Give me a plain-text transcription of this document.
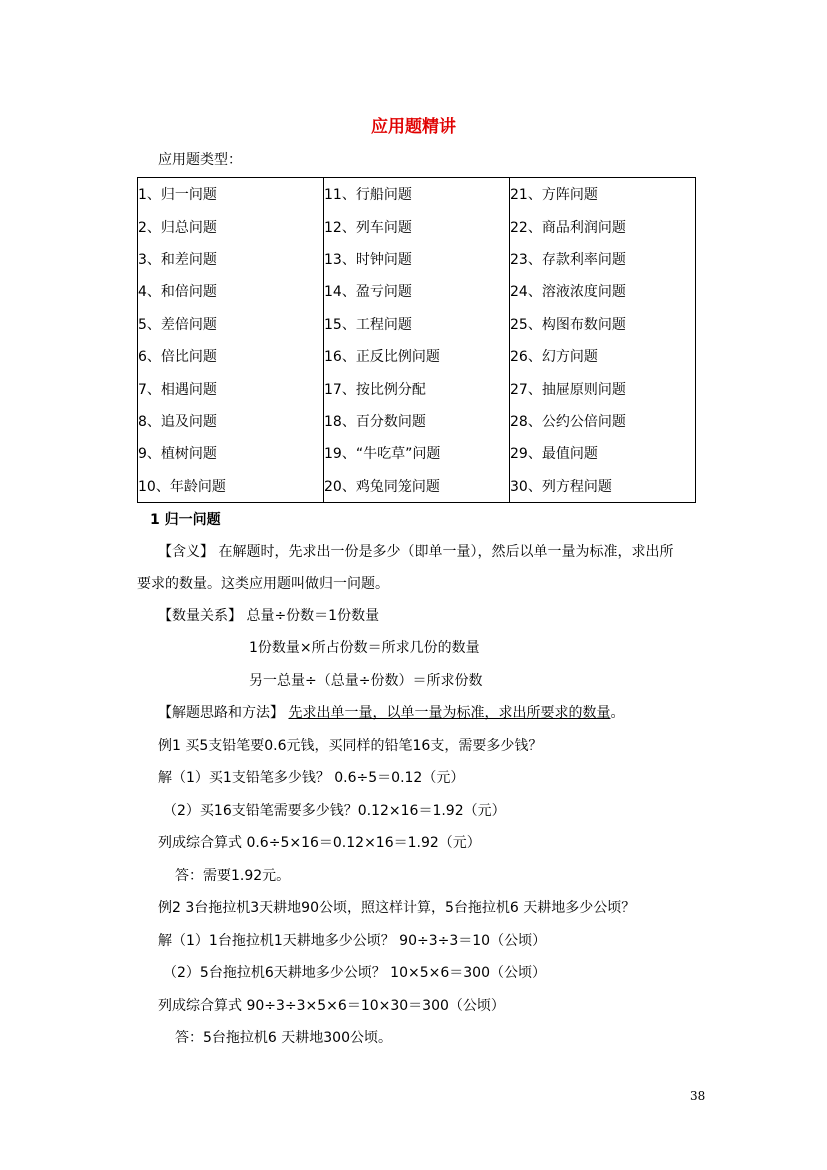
应用题精讲
应用题类型：
1、归一问题	11、行船问题	21、方阵问题
2、归总问题	12、列车问题	22、商品利润问题
3、和差问题	13、时钟问题	23、存款利率问题
4、和倍问题	14、盈亏问题	24、溶液浓度问题
5、差倍问题	15、工程问题	25、构图布数问题
6、倍比问题	16、正反比例问题	26、幻方问题
7、相遇问题	17、按比例分配	27、抽屉原则问题
8、追及问题	18、百分数问题	28、公约公倍问题
9、植树问题	19、“牛吃草”问题	29、最值问题
10、年龄问题	20、鸡兔同笼问题	30、列方程问题
1 归一问题
【含义】 在解题时，先求出一份是多少（即单一量），然后以单一量为标准，求出所
要求的数量。这类应用题叫做归一问题。
【数量关系】 总量÷份数＝1份数量
1份数量×所占份数＝所求几份的数量
另一总量÷（总量÷份数）＝所求份数
【解题思路和方法】 先求出单一量，以单一量为标准，求出所要求的数量。
例1 买5支铅笔要0.6元钱，买同样的铅笔16支，需要多少钱？
解（1）买1支铅笔多少钱？ 0.6÷5＝0.12（元）
（2）买16支铅笔需要多少钱？0.12×16＝1.92（元）
列成综合算式 0.6÷5×16＝0.12×16＝1.92（元）
答：需要1.92元。
例2 3台拖拉机3天耕地90公顷，照这样计算，5台拖拉机6 天耕地多少公顷？
解（1）1台拖拉机1天耕地多少公顷？ 90÷3÷3＝10（公顷）
（2）5台拖拉机6天耕地多少公顷？ 10×5×6＝300（公顷）
列成综合算式 90÷3÷3×5×6＝10×30＝300（公顷）
答：5台拖拉机6 天耕地300公顷。
38
